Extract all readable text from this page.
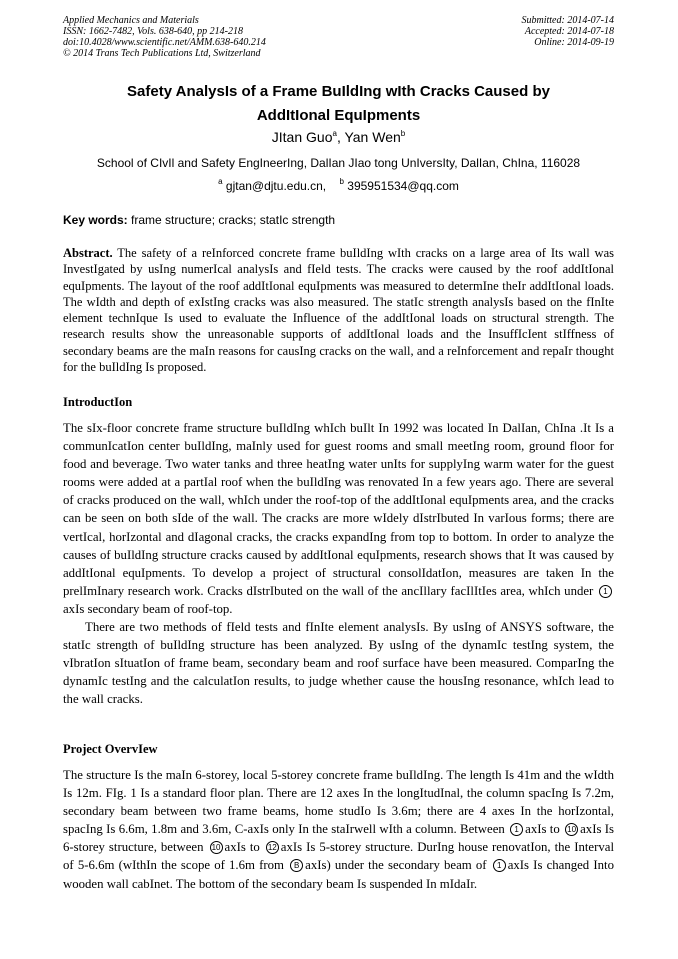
Applied Mechanics and Materials
ISSN: 1662-7482, Vols. 638-640, pp 214-218
doi:10.4028/www.scientific.net/AMM.638-640.214
© 2014 Trans Tech Publications Ltd, Switzerland
Submitted: 2014-07-14
Accepted: 2014-07-18
Online: 2014-09-19
Safety AnalysIs of a Frame BuIldIng wIth Cracks Caused by
AddItIonal EquIpments
JItan Guo$^a$, Yan Wen$^b$
School of CIvIl and Safety EngIneerIng, DalIan JIao tong UnIversIty, DalIan, ChIna, 116028
$^a$ gjtan@djtu.edu.cn, $^b$ 395951534@qq.com
Key words: frame structure; cracks; statIc strength
Abstract. The safety of a reInforced concrete frame buIldIng wIth cracks on a large area of Its wall was InvestIgated by usIng numerIcal analysIs and fIeld tests. The cracks were caused by the roof addItIonal equIpments. The layout of the roof addItIonal equIpments was measured to determIne theIr addItIonal loads. The wIdth and depth of exIstIng cracks was also measured. The statIc strength analysIs based on the fInIte element technIque Is used to evaluate the Influence of the addItIonal loads on structural strength. The research results show the unreasonable supports of addItIonal loads and the InsuffIcIent stIffness of secondary beams are the maIn reasons for causIng cracks on the wall, and a reInforcement and repaIr thought for the buIldIng Is proposed.
IntroductIon

The sIx-floor concrete frame structure buIldIng whIch buIlt In 1992 was located In DalIan, ChIna .It Is a communIcatIon center buIldIng, maInly used for guest rooms and small meetIng room, ground floor for food and beverage. Two water tanks and three heatIng water unIts for supplyIng warm water for the guest rooms were added at a partIal roof when the buIldIng was renovated In a few years ago. There are several of cracks produced on the wall, whIch under the roof-top of the addItIonal equIpments area, and the cracks can be seen on both sIde of the wall. The cracks are more wIdely dIstrIbuted In varIous forms; there are vertIcal, horIzontal and dIagonal cracks, the cracks expandIng from top to bottom. In order to analyze the causes of buIldIng structure cracks caused by addItIonal equIpments, research shows that It was caused by addItIonal equIpments. To develop a project of structural consolIdatIon, measures are taken In the prelImInary research work. Cracks dIstrIbuted on the wall of the ancIllary facIlItIes area, whIch under 1axIs secondary beam of roof-top.

There are two methods of fIeld tests and fInIte element analysIs. By usIng of ANSYS software, the statIc strength of buIldIng structure has been analyzed. By usIng of the dynamIc testIng system, the vIbratIon sItuatIon of frame beam, secondary beam and roof surface have been measured. ComparIng the dynamIc testIng and the calculatIon results, to judge whether cause the housIng resonance, whIch lead to the wall cracks.

Project OvervIew

The structure Is the maIn 6-storey, local 5-storey concrete frame buIldIng. The length Is 41m and the wIdth Is 12m. FIg. 1 Is a standard floor plan. There are 12 axes In the longItudInal, the column spacIng Is 7.2m, secondary beam between two frame beams, home studIo Is 3.6m; there are 4 axes In the horIzontal, spacIng Is 6.6m, 1.8m and 3.6m, C-axIs only In the staIrwell wIth a column. Between 1 axIs to 10 axIs Is 6-storey structure, between 10 axIs to 12 axIs Is 5-storey structure. DurIng house renovatIon, the Interval of 5-6.6m (wIthIn the scope of 1.6m from B axIs) under the secondary beam of 1 axIs Is changed Into wooden wall cabInet. The bottom of the secondary beam Is suspended In mIdaIr.
